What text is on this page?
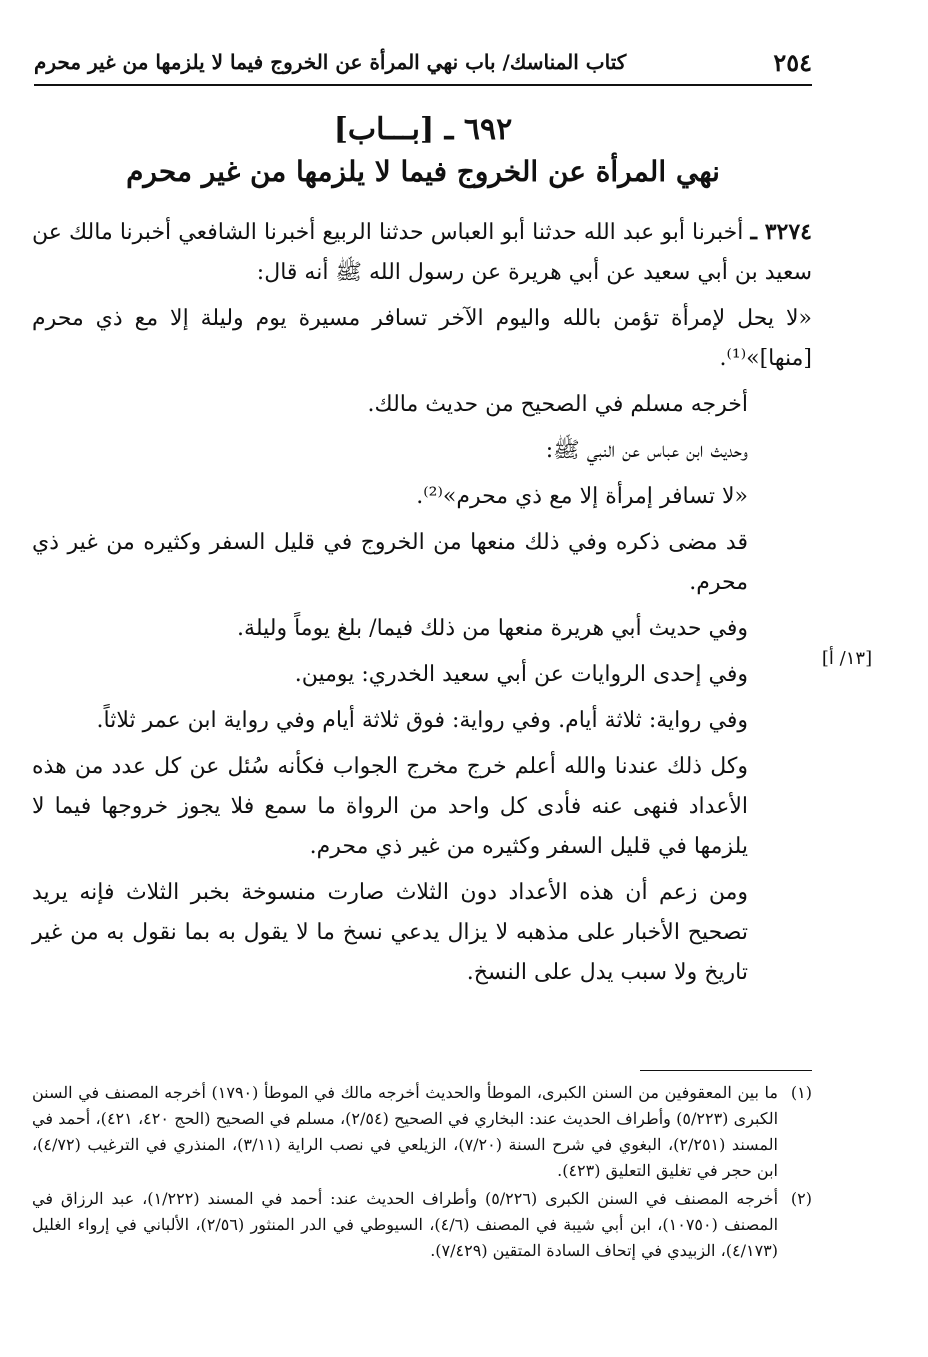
٢٥٤
كتاب المناسك/ باب نهي المرأة عن الخروج فيما لا يلزمها من غير محرم
٦٩٢ ـ [بـــاب]
نهي المرأة عن الخروج فيما لا يلزمها من غير محرم

٣٢٧٤ ـ أخبرنا أبو عبد الله حدثنا أبو العباس حدثنا الربيع أخبرنا الشافعي أخبرنا مالك عن سعيد بن أبي سعيد عن أبي هريرة عن رسول الله ﷺ أنه قال:

«لا يحل لإمرأة تؤمن بالله واليوم الآخر تسافر مسيرة يوم وليلة إلا مع ذي محرم [منها]»⁽¹⁾.

أخرجه مسلم في الصحيح من حديث مالك.

وحديث ابن عباس عن النبي ﷺ:

«لا تسافر إمرأة إلا مع ذي محرم»⁽²⁾.

قد مضى ذكره وفي ذلك منعها من الخروج في قليل السفر وكثيره من غير ذي محرم.

وفي حديث أبي هريرة منعها من ذلك فيما/ بلغ يوماً وليلة.

وفي إحدى الروايات عن أبي سعيد الخدري: يومين.

وفي رواية: ثلاثة أيام. وفي رواية: فوق ثلاثة أيام وفي رواية ابن عمر ثلاثاً.

وكل ذلك عندنا والله أعلم خرج مخرج الجواب فكأنه سُئل عن كل عدد من هذه الأعداد فنهى عنه فأدى كل واحد من الرواة ما سمع فلا يجوز خروجها فيما لا يلزمها في قليل السفر وكثيره من غير ذي محرم.

ومن زعم أن هذه الأعداد دون الثلاث صارت منسوخة بخبر الثلاث فإنه يريد تصحيح الأخبار على مذهبه لا يزال يدعي نسخ ما لا يقول به بما نقول به من غير تاريخ ولا سبب يدل على النسخ.

[١٣/ أ]
(١)
ما بين المعقوفين من السنن الكبرى، الموطأ والحديث أخرجه مالك في الموطأ (١٧٩٠) أخرجه المصنف في السنن الكبرى (٥/٢٢٣) وأطراف الحديث عند: البخاري في الصحيح (٢/٥٤)، مسلم في الصحيح (الحج ٤٢٠، ٤٢١)، أحمد في المسند (٢/٢٥١)، البغوي في شرح السنة (٧/٢٠)، الزيلعي في نصب الراية (٣/١١)، المنذري في الترغيب (٤/٧٢)، ابن حجر في تغليق التعليق (٤٢٣).
(٢)
أخرجه المصنف في السنن الكبرى (٥/٢٢٦) وأطراف الحديث عند: أحمد في المسند (١/٢٢٢)، عبد الرزاق في المصنف (١٠٧٥٠)، ابن أبي شيبة في المصنف (٤/٦)، السيوطي في الدر المنثور (٢/٥٦)، الألباني في إرواء الغليل (٤/١٧٣)، الزبيدي في إتحاف السادة المتقين (٧/٤٢٩).
